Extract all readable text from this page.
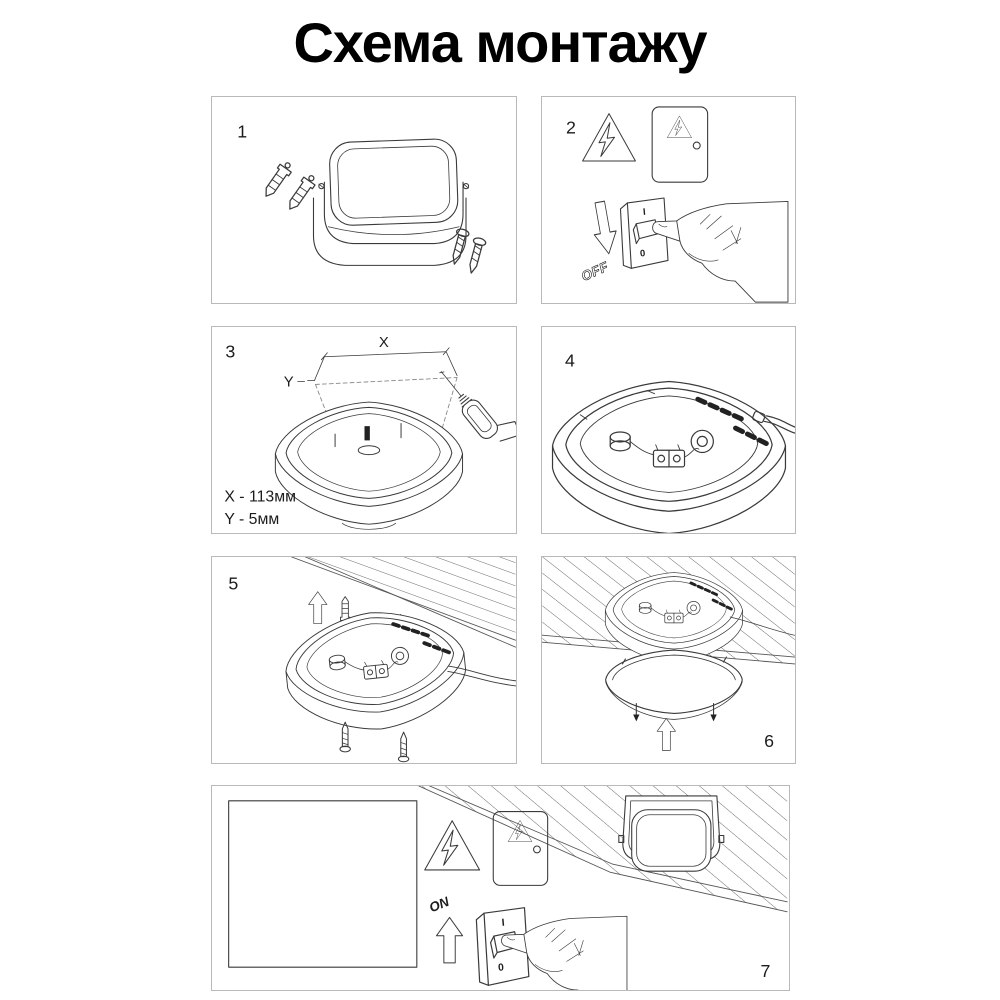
Схема монтажу
1	2
OFF
I
0
3	X
Y
X - 113мм
Y - 5мм
4
5
6
ON
I
0	7
